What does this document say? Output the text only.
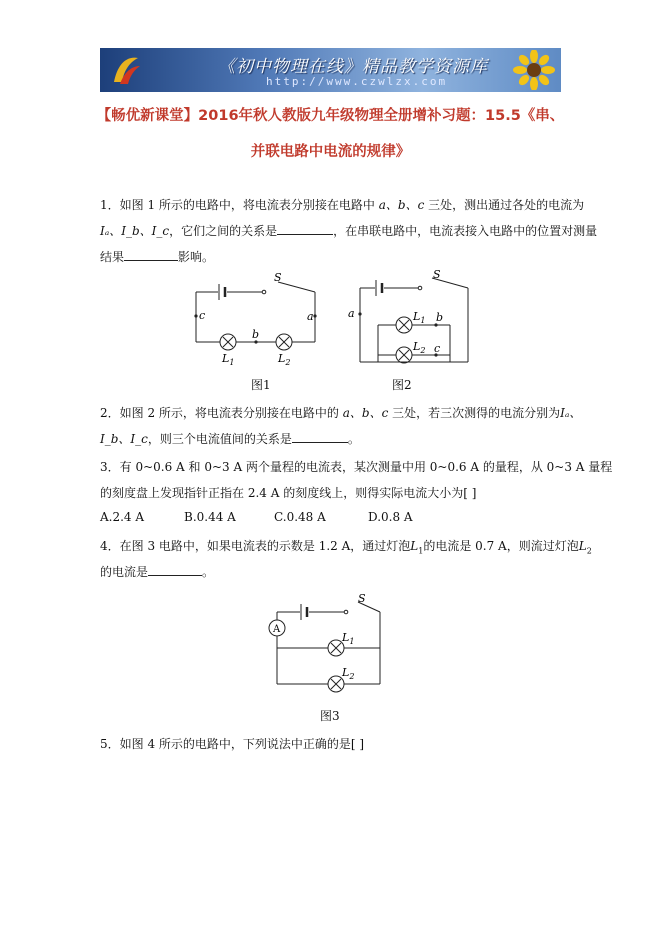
《初中物理在线》精品教学资源库
http://www.czwlzx.com
【畅优新课堂】2016年秋人教版九年级物理全册增补习题：15.5《串、
并联电路中电流的规律》
1．如图 1 所示的电路中，将电流表分别接在电路中 a、b、c 三处，测出通过各处的电流为
Iₐ、I_b、I_c，它们之间的关系是	，在串联电路中，电流表接入电路中的位置对测量
结果	影响。
S
c	a
b
$L_1$	$L_2$
图1
S
a	b
c
$L_1$
$L_2$
图2
2．如图 2 所示，将电流表分别接在电路中的 a、b、c 三处，若三次测得的电流分别为Iₐ、
I_b、I_c，则三个电流值间的关系是	。
3．有 0~0.6 A 和 0~3 A 两个量程的电流表，某次测量中用 0~0.6 A 的量程，从 0~3 A 量程
的刻度盘上发现指针正指在 2.4 A 的刻度线上，则得实际电流大小为[ ]
A.2.4 A	B.0.44 A	C.0.48 A	D.0.8 A
4．在图 3 电路中，如果电流表的示数是 1.2 A，通过灯泡$L_1$的电流是 0.7 A，则流过灯泡$L_2$
的电流是	。
A
S
$L_1$
$L_2$
图3
5．如图 4 所示的电路中，下列说法中正确的是[ ]
